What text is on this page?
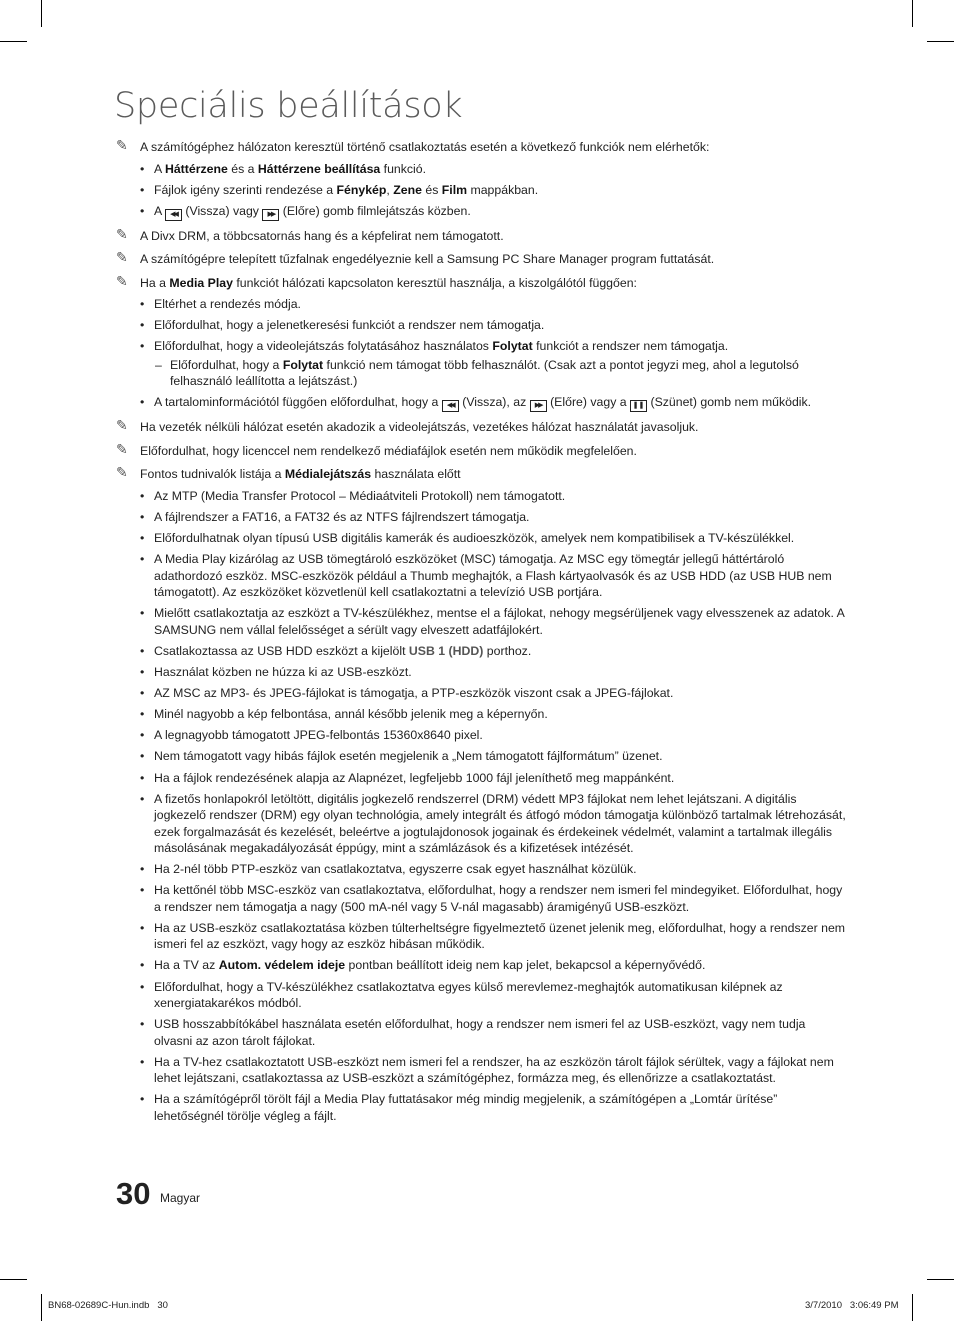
Speciális beállítások
✎ A számítógéphez hálózaton keresztül történő csatlakoztatás esetén a következő funkciók nem elérhetők:
• A Háttérzene és a Háttérzene beállítása funkció.
• Fájlok igény szerinti rendezése a Fénykép, Zene és Film mappákban.
• A ◀◀ (Vissza) vagy ▶▶ (Előre) gomb filmlejátszás közben.
✎ A Divx DRM, a többcsatornás hang és a képfelirat nem támogatott.
✎ A számítógépre telepített tűzfalnak engedélyeznie kell a Samsung PC Share Manager program futtatását.
✎ Ha a Media Play funkciót hálózati kapcsolaton keresztül használja, a kiszolgálótól függően:
• Eltérhet a rendezés módja.
• Előfordulhat, hogy a jelenetkeresési funkciót a rendszer nem támogatja.
• Előfordulhat, hogy a videolejátszás folytatásához használatos Folytat funkciót a rendszer nem támogatja.
– Előfordulhat, hogy a Folytat funkció nem támogat több felhasználót. (Csak azt a pontot jegyzi meg, ahol a legutolsó felhasználó leállította a lejátszást.)
• A tartalominformációtól függően előfordulhat, hogy a ◀◀ (Vissza), az ▶▶ (Előre) vagy a ❚❚ (Szünet) gomb nem működik.
✎ Ha vezeték nélküli hálózat esetén akadozik a videolejátszás, vezetékes hálózat használatát javasoljuk.
✎ Előfordulhat, hogy licenccel nem rendelkező médiafájlok esetén nem működik megfelelően.
✎ Fontos tudnivalók listája a Médialejátszás használata előtt
• Az MTP (Media Transfer Protocol – Médiaátviteli Protokoll) nem támogatott.
• A fájlrendszer a FAT16, a FAT32 és az NTFS fájlrendszert támogatja.
• Előfordulhatnak olyan típusú USB digitális kamerák és audioeszközök, amelyek nem kompatibilisek a TV-készülékkel.
• A Media Play kizárólag az USB tömegtároló eszközöket (MSC) támogatja. Az MSC egy tömegtár jellegű háttértároló adathordozó eszköz. MSC-eszközök például a Thumb meghajtók, a Flash kártyaolvasók és az USB HDD (az USB HUB nem támogatott). Az eszközöket közvetlenül kell csatlakoztatni a televízió USB portjára.
• Mielőtt csatlakoztatja az eszközt a TV-készülékhez, mentse el a fájlokat, nehogy megsérüljenek vagy elvesszenek az adatok. A SAMSUNG nem vállal felelősséget a sérült vagy elveszett adatfájlokért.
• Csatlakoztassa az USB HDD eszközt a kijelölt USB 1 (HDD) porthoz.
• Használat közben ne húzza ki az USB-eszközt.
• AZ MSC az MP3- és JPEG-fájlokat is támogatja, a PTP-eszközök viszont csak a JPEG-fájlokat.
• Minél nagyobb a kép felbontása, annál később jelenik meg a képernyőn.
• A legnagyobb támogatott JPEG-felbontás 15360x8640 pixel.
• Nem támogatott vagy hibás fájlok esetén megjelenik a „Nem támogatott fájlformátum” üzenet.
• Ha a fájlok rendezésének alapja az Alapnézet, legfeljebb 1000 fájl jeleníthető meg mappánként.
• A fizetős honlapokról letöltött, digitális jogkezelő rendszerrel (DRM) védett MP3 fájlokat nem lehet lejátszani. A digitális jogkezelő rendszer (DRM) egy olyan technológia, amely integrált és átfogó módon támogatja különböző tartalmak létrehozását, ezek forgalmazását és kezelését, beleértve a jogtulajdonosok jogainak és érdekeinek védelmét, valamint a tartalmak illegális másolásának megakadályozását éppúgy, mint a számlázások és a kifizetések intézését.
• Ha 2-nél több PTP-eszköz van csatlakoztatva, egyszerre csak egyet használhat közülük.
• Ha kettőnél több MSC-eszköz van csatlakoztatva, előfordulhat, hogy a rendszer nem ismeri fel mindegyiket. Előfordulhat, hogy a rendszer nem támogatja a nagy (500 mA-nél vagy 5 V-nál magasabb) áramigényű USB-eszközt.
• Ha az USB-eszköz csatlakoztatása közben túlterheltségre figyelmeztető üzenet jelenik meg, előfordulhat, hogy a rendszer nem ismeri fel az eszközt, vagy hogy az eszköz hibásan működik.
• Ha a TV az Autom. védelem ideje pontban beállított ideig nem kap jelet, bekapcsol a képernyővédő.
• Előfordulhat, hogy a TV-készülékhez csatlakoztatva egyes külső merevlemez-meghajtók automatikusan kilépnek az xenergiatakarékos módból.
• USB hosszabbítókábel használata esetén előfordulhat, hogy a rendszer nem ismeri fel az USB-eszközt, vagy nem tudja olvasni az azon tárolt fájlokat.
• Ha a TV-hez csatlakoztatott USB-eszközt nem ismeri fel a rendszer, ha az eszközön tárolt fájlok sérültek, vagy a fájlokat nem lehet lejátszani, csatlakoztassa az USB-eszközt a számítógéphez, formázza meg, és ellenőrizze a csatlakoztatást.
• Ha a számítógépről törölt fájl a Media Play futtatásakor még mindig megjelenik, a számítógépen a „Lomtár ürítése” lehetőségnél törölje végleg a fájlt.
30 Magyar
BN68-02689C-Hun.indb   30	3/7/2010   3:06:49 PM
